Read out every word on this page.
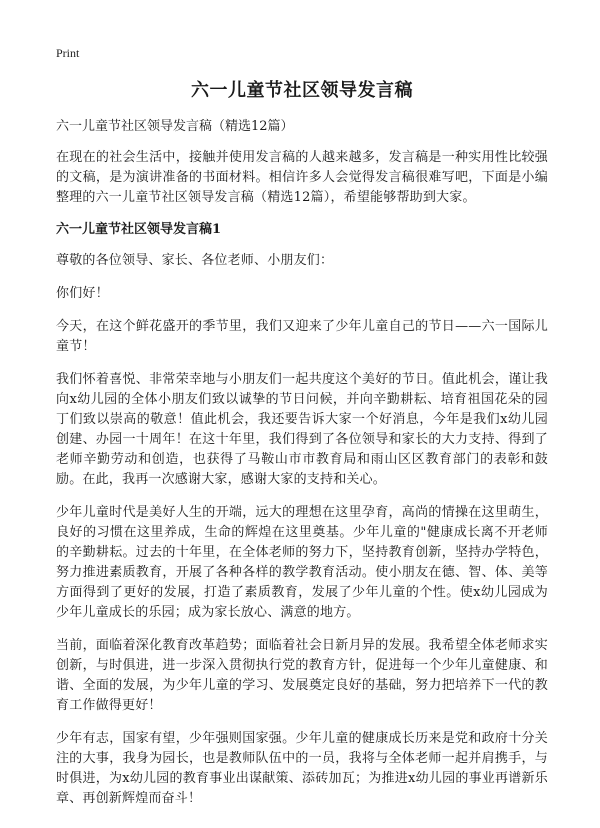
Print
六一儿童节社区领导发言稿
六一儿童节社区领导发言稿（精选12篇）

在现在的社会生活中，接触并使用发言稿的人越来越多，发言稿是一种实用性比较强的文稿，是为演讲准备的书面材料。相信许多人会觉得发言稿很难写吧，下面是小编整理的六一儿童节社区领导发言稿（精选12篇），希望能够帮助到大家。

六一儿童节社区领导发言稿1

尊敬的各位领导、家长、各位老师、小朋友们：

你们好！

今天，在这个鲜花盛开的季节里，我们又迎来了少年儿童自己的节日——六一国际儿童节！

我们怀着喜悦、非常荣幸地与小朋友们一起共度这个美好的节日。值此机会，谨让我向x幼儿园的全体小朋友们致以诚挚的节日问候，并向辛勤耕耘、培育祖国花朵的园丁们致以崇高的敬意！值此机会，我还要告诉大家一个好消息，今年是我们x幼儿园创建、办园一十周年！在这十年里，我们得到了各位领导和家长的大力支持、得到了老师辛勤劳动和创造，也获得了马鞍山市市教育局和雨山区区教育部门的表彰和鼓励。在此，我再一次感谢大家，感谢大家的支持和关心。

少年儿童时代是美好人生的开端，远大的理想在这里孕育，高尚的情操在这里萌生，良好的习惯在这里养成，生命的辉煌在这里奠基。少年儿童的"健康成长离不开老师的辛勤耕耘。过去的十年里，在全体老师的努力下，坚持教育创新，坚持办学特色，努力推进素质教育，开展了各种各样的教学教育活动。使小朋友在德、智、体、美等方面得到了更好的发展，打造了素质教育，发展了少年儿童的个性。使x幼儿园成为少年儿童成长的乐园；成为家长放心、满意的地方。

当前，面临着深化教育改革趋势；面临着社会日新月异的发展。我希望全体老师求实创新，与时俱进，进一步深入贯彻执行党的教育方针，促进每一个少年儿童健康、和谐、全面的发展，为少年儿童的学习、发展奠定良好的基础，努力把培养下一代的教育工作做得更好！

少年有志，国家有望，少年强则国家强。少年儿童的健康成长历来是党和政府十分关注的大事，我身为园长，也是教师队伍中的一员，我将与全体老师一起并肩携手，与时俱进，为x幼儿园的教育事业出谋献策、添砖加瓦；为推进x幼儿园的事业再谱新乐章、再创新辉煌而奋斗！
